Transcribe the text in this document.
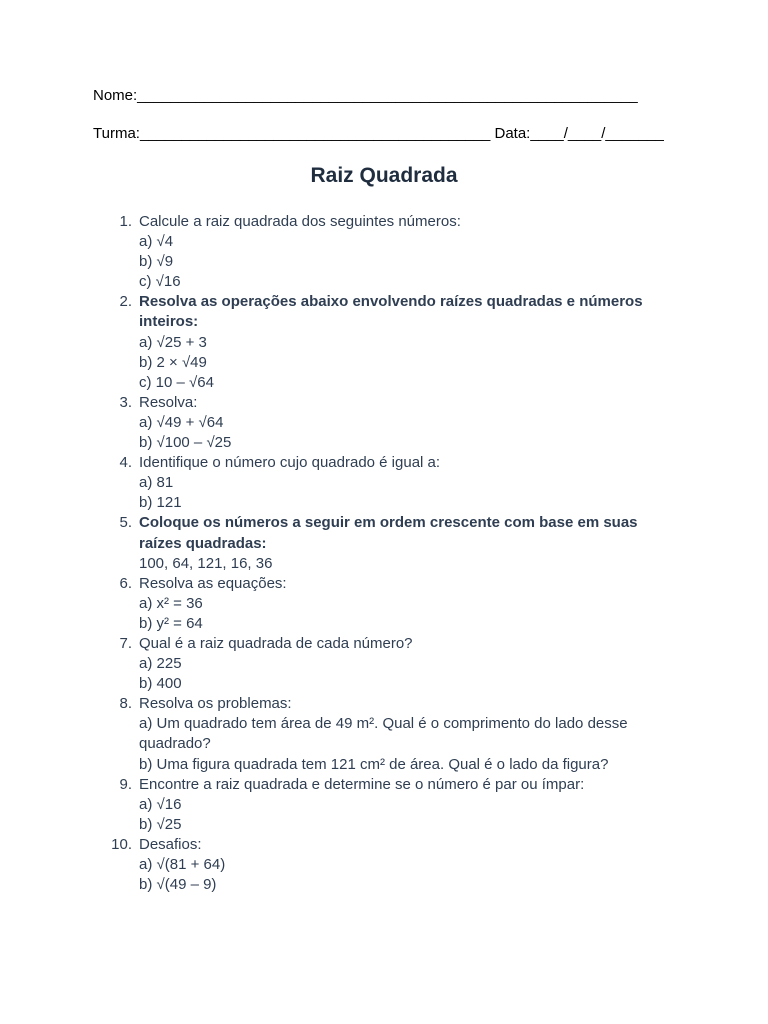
Nome:____________________________________________________________
Turma:__________________________________________ Data:____/____/_______
Raiz Quadrada
1. Calcule a raiz quadrada dos seguintes números:
a) √4
b) √9
c) √16
2. Resolva as operações abaixo envolvendo raízes quadradas e números inteiros:
a) √25 + 3
b) 2 × √49
c) 10 – √64
3. Resolva:
a) √49 + √64
b) √100 – √25
4. Identifique o número cujo quadrado é igual a:
a) 81
b) 121
5. Coloque os números a seguir em ordem crescente com base em suas raízes quadradas:
100, 64, 121, 16, 36
6. Resolva as equações:
a) x² = 36
b) y² = 64
7. Qual é a raiz quadrada de cada número?
a) 225
b) 400
8. Resolva os problemas:
a) Um quadrado tem área de 49 m². Qual é o comprimento do lado desse quadrado?
b) Uma figura quadrada tem 121 cm² de área. Qual é o lado da figura?
9. Encontre a raiz quadrada e determine se o número é par ou ímpar:
a) √16
b) √25
10. Desafios:
a) √(81 + 64)
b) √(49 – 9)
